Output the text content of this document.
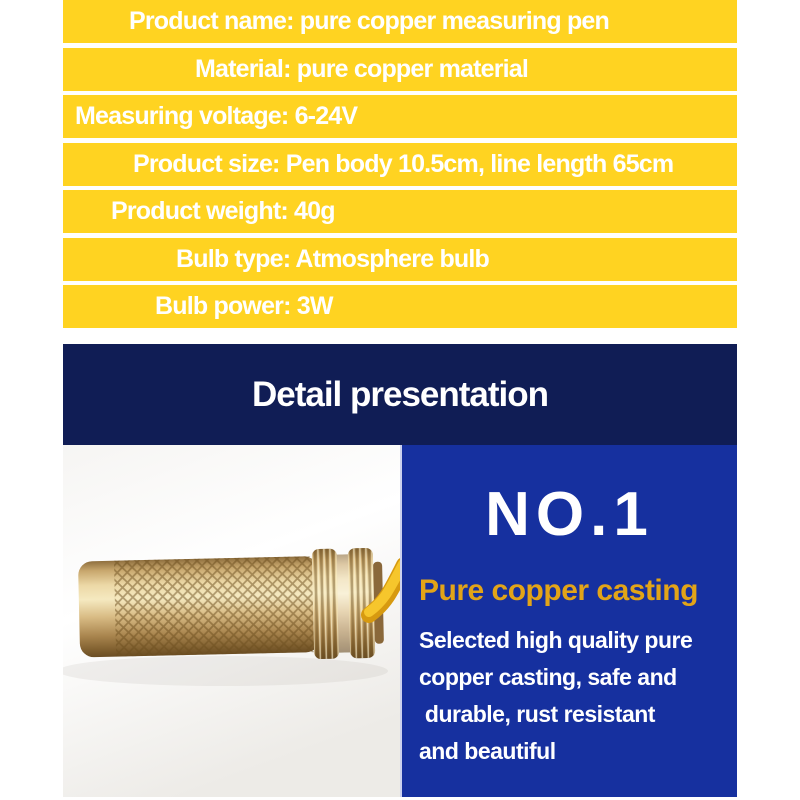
Product name: pure copper measuring pen
Material: pure copper material
Measuring voltage: 6-24V
Product size: Pen body 10.5cm, line length 65cm
Product weight: 40g
Bulb type: Atmosphere bulb
Bulb power: 3W
Detail presentation
NO.1
Pure copper casting
Selected high quality pure
copper casting, safe and
durable, rust resistant
and beautiful
